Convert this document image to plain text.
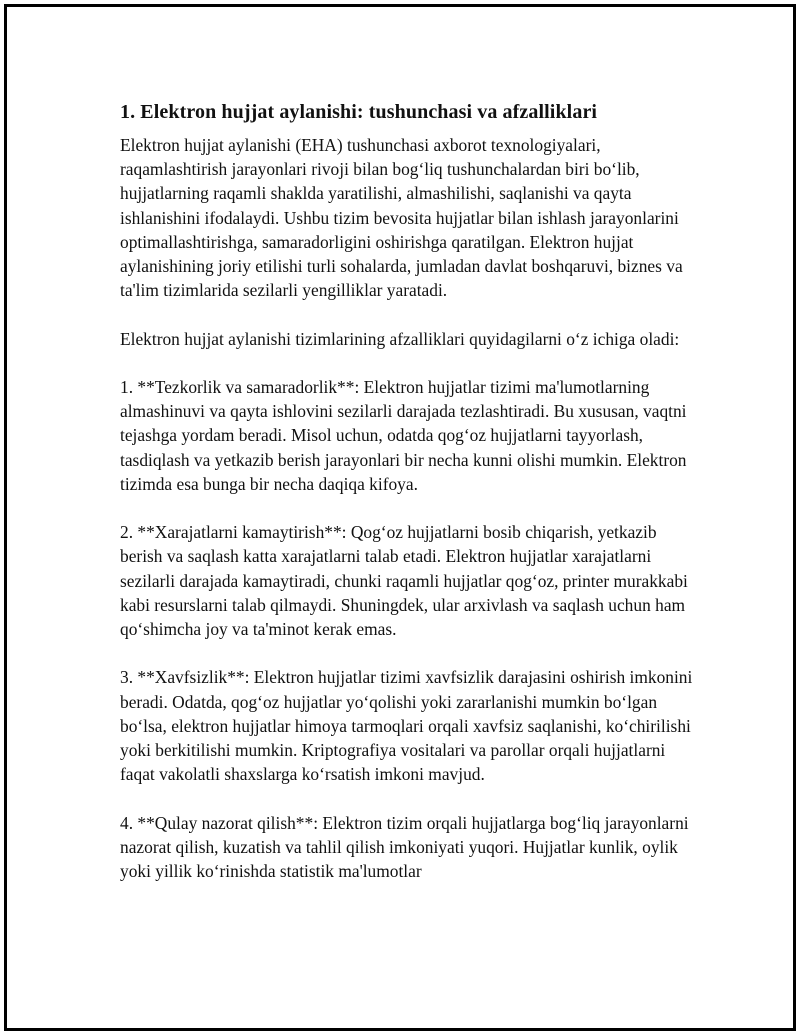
1. Elektron hujjat aylanishi: tushunchasi va afzalliklari

Elektron hujjat aylanishi (EHA) tushunchasi axborot texnologiyalari, raqamlashtirish jarayonlari rivoji bilan bog‘liq tushunchalardan biri bo‘lib, hujjatlarning raqamli shaklda yaratilishi, almashilishi, saqlanishi va qayta ishlanishini ifodalaydi. Ushbu tizim bevosita hujjatlar bilan ishlash jarayonlarini optimallashtirishga, samaradorligini oshirishga qaratilgan. Elektron hujjat aylanishining joriy etilishi turli sohalarda, jumladan davlat boshqaruvi, biznes va ta'lim tizimlarida sezilarli yengilliklar yaratadi.

Elektron hujjat aylanishi tizimlarining afzalliklari quyidagilarni o‘z ichiga oladi:

1. **Tezkorlik va samaradorlik**: Elektron hujjatlar tizimi ma'lumotlarning almashinuvi va qayta ishlovini sezilarli darajada tezlashtiradi. Bu xususan, vaqtni tejashga yordam beradi. Misol uchun, odatda qog‘oz hujjatlarni tayyorlash, tasdiqlash va yetkazib berish jarayonlari bir necha kunni olishi mumkin. Elektron tizimda esa bunga bir necha daqiqa kifoya.

2. **Xarajatlarni kamaytirish**: Qog‘oz hujjatlarni bosib chiqarish, yetkazib berish va saqlash katta xarajatlarni talab etadi. Elektron hujjatlar xarajatlarni sezilarli darajada kamaytiradi, chunki raqamli hujjatlar qog‘oz, printer murakkabi kabi resurslarni talab qilmaydi. Shuningdek, ular arxivlash va saqlash uchun ham qo‘shimcha joy va ta'minot kerak emas.

3. **Xavfsizlik**: Elektron hujjatlar tizimi xavfsizlik darajasini oshirish imkonini beradi. Odatda, qog‘oz hujjatlar yo‘qolishi yoki zararlanishi mumkin bo‘lgan bo‘lsa, elektron hujjatlar himoya tarmoqlari orqali xavfsiz saqlanishi, ko‘chirilishi yoki berkitilishi mumkin. Kriptografiya vositalari va parollar orqali hujjatlarni faqat vakolatli shaxslarga ko‘rsatish imkoni mavjud.

4. **Qulay nazorat qilish**: Elektron tizim orqali hujjatlarga bog‘liq jarayonlarni nazorat qilish, kuzatish va tahlil qilish imkoniyati yuqori. Hujjatlar kunlik, oylik yoki yillik ko‘rinishda statistik ma'lumotlar
